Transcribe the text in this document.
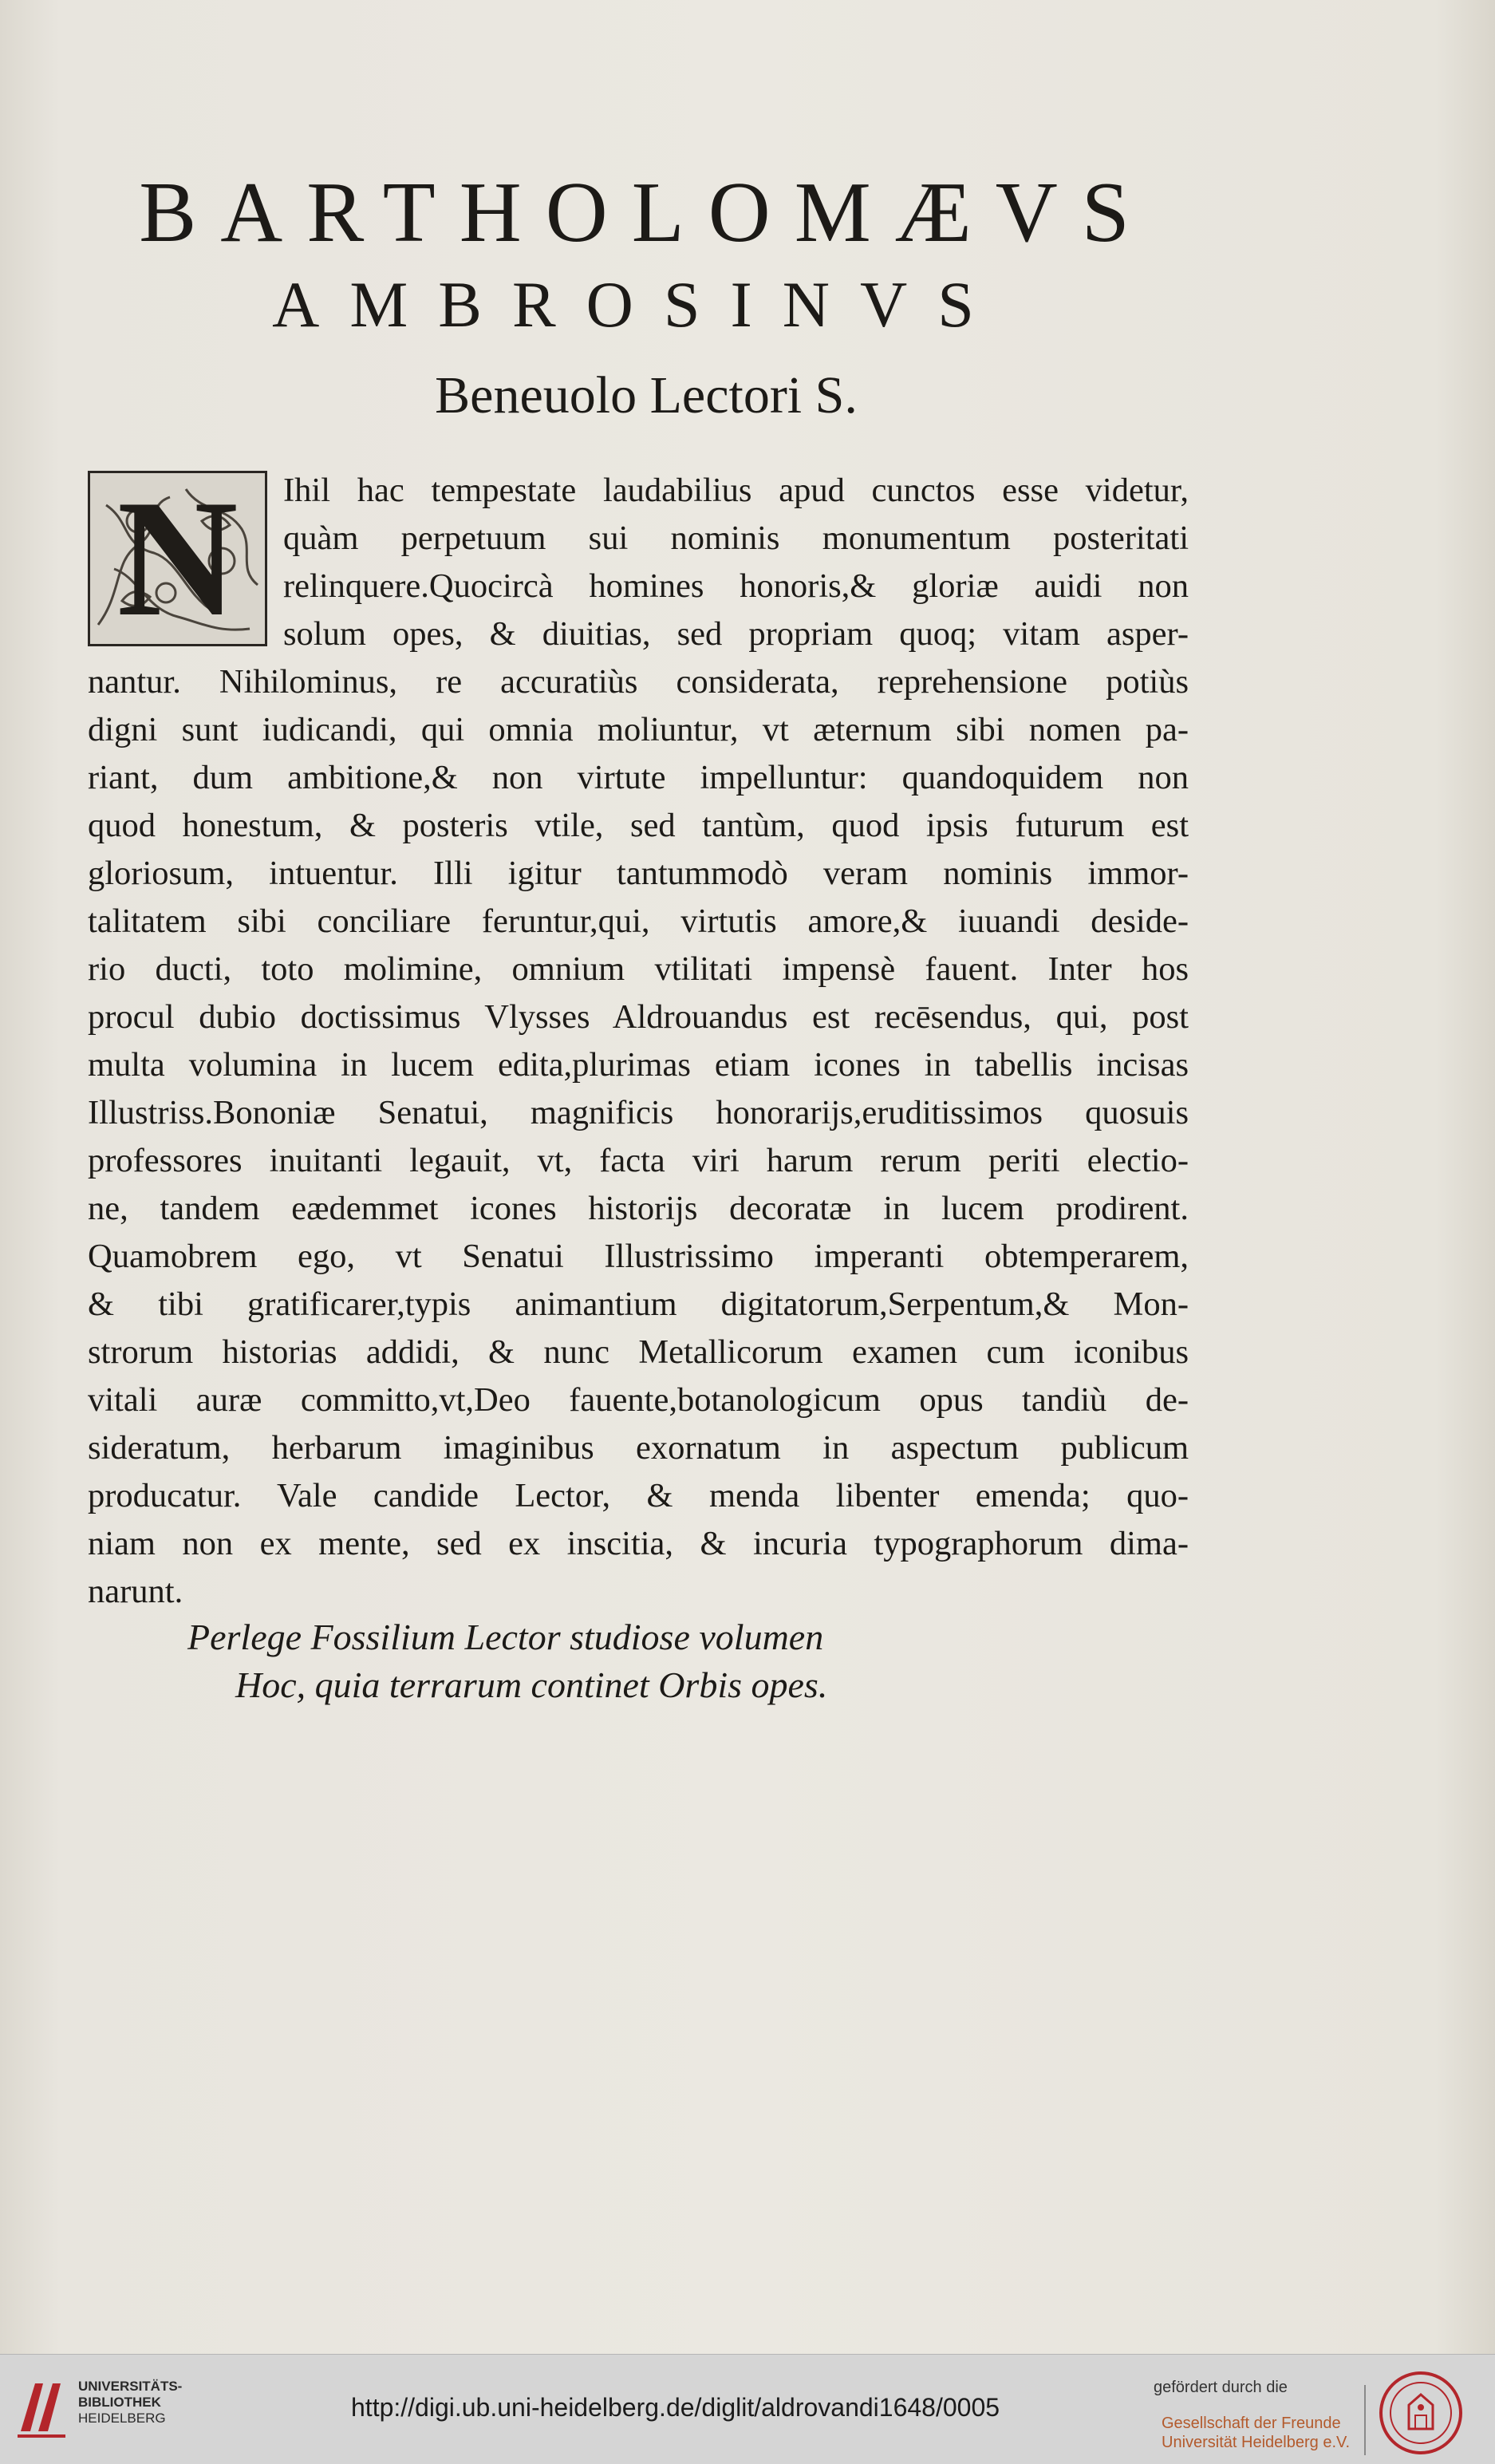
BARTHOLOMÆVS
AMBROSINVS
Beneuolo Lectori S.
N	Ihil hac tempestate laudabilius apud cunctos esse videtur,
quàm perpetuum sui nominis monumentum posteritati
relinquere.Quocircà homines honoris,& gloriæ auidi non
solum opes, & diuitias, sed propriam quoq; vitam asper-
nantur. Nihilominus, re accuratiùs considerata, reprehensione potiùs
digni sunt iudicandi, qui omnia moliuntur, vt æternum sibi nomen pa-
riant, dum ambitione,& non virtute impelluntur: quandoquidem non
quod honestum, & posteris vtile, sed tantùm, quod ipsis futurum est
gloriosum, intuentur. Illi igitur tantummodò veram nominis immor-
talitatem sibi conciliare feruntur,qui, virtutis amore,& iuuandi deside-
rio ducti, toto molimine, omnium vtilitati impensè fauent. Inter hos
procul dubio doctissimus Vlysses Aldrouandus est recēsendus, qui, post
multa volumina in lucem edita,plurimas etiam icones in tabellis incisas
Illustriss.Bononiæ Senatui, magnificis honorarijs,eruditissimos quosuis
professores inuitanti legauit, vt, facta viri harum rerum periti electio-
ne, tandem eædemmet icones historijs decoratæ in lucem prodirent.
Quamobrem ego, vt Senatui Illustrissimo imperanti obtemperarem,
& tibi gratificarer,typis animantium digitatorum,Serpentum,& Mon-
strorum historias addidi, & nunc Metallicorum examen cum iconibus
vitali auræ committo,vt,Deo fauente,botanologicum opus tandiù de-
sideratum, herbarum imaginibus exornatum in aspectum publicum
producatur. Vale candide Lector, & menda libenter emenda; quo-
niam non ex mente, sed ex inscitia, & incuria typographorum dima-
narunt.
Perlege Fossilium Lector studiose volumen
Hoc, quia terrarum continet Orbis opes.
UNIVERSITÄTS-
BIBLIOTHEK
HEIDELBERG	http://digi.ub.uni-heidelberg.de/diglit/aldrovandi1648/0005
gefördert durch die
Gesellschaft der Freunde
Universität Heidelberg e.V.
